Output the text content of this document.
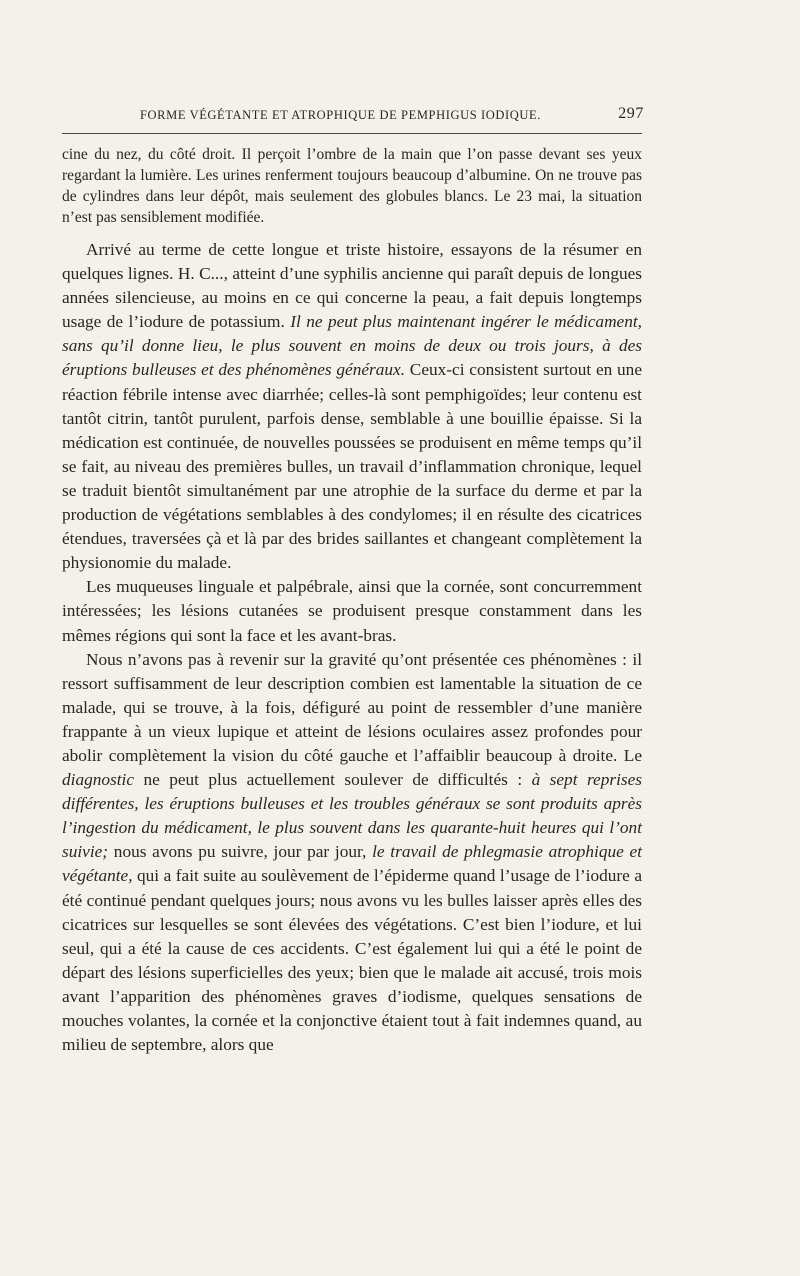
FORME VÉGÉTANTE ET ATROPHIQUE DE PEMPHIGUS IODIQUE.	297

cine du nez, du côté droit. Il perçoit l’ombre de la main que l’on passe devant ses yeux regardant la lumière. Les urines renferment toujours beaucoup d’albumine. On ne trouve pas de cylindres dans leur dépôt, mais seulement des globules blancs. Le 23 mai, la situation n’est pas sensiblement modifiée.

Arrivé au terme de cette longue et triste histoire, essayons de la résumer en quelques lignes. H. C..., atteint d’une syphilis ancienne qui paraît depuis de longues années silencieuse, au moins en ce qui concerne la peau, a fait depuis longtemps usage de l’iodure de potassium. Il ne peut plus maintenant ingérer le médicament, sans qu’il donne lieu, le plus souvent en moins de deux ou trois jours, à des éruptions bulleuses et des phénomènes généraux. Ceux-ci consistent surtout en une réaction fébrile intense avec diarrhée; celles-là sont pemphigoïdes; leur contenu est tantôt citrin, tantôt purulent, parfois dense, semblable à une bouillie épaisse. Si la médication est continuée, de nouvelles poussées se produisent en même temps qu’il se fait, au niveau des premières bulles, un travail d’inflammation chronique, lequel se traduit bientôt simultanément par une atrophie de la surface du derme et par la production de végétations semblables à des condylomes; il en résulte des cicatrices étendues, traversées çà et là par des brides saillantes et changeant complètement la physionomie du malade.

Les muqueuses linguale et palpébrale, ainsi que la cornée, sont concurremment intéressées; les lésions cutanées se produisent presque constamment dans les mêmes régions qui sont la face et les avant-bras.

Nous n’avons pas à revenir sur la gravité qu’ont présentée ces phénomènes : il ressort suffisamment de leur description combien est lamentable la situation de ce malade, qui se trouve, à la fois, défiguré au point de ressembler d’une manière frappante à un vieux lupique et atteint de lésions oculaires assez profondes pour abolir complètement la vision du côté gauche et l’affaiblir beaucoup à droite. Le diagnostic ne peut plus actuellement soulever de difficultés : à sept reprises différentes, les éruptions bulleuses et les troubles généraux se sont produits après l’ingestion du médicament, le plus souvent dans les quarante-huit heures qui l’ont suivie; nous avons pu suivre, jour par jour, le travail de phlegmasie atrophique et végétante, qui a fait suite au soulèvement de l’épiderme quand l’usage de l’iodure a été continué pendant quelques jours; nous avons vu les bulles laisser après elles des cicatrices sur lesquelles se sont élevées des végétations. C’est bien l’iodure, et lui seul, qui a été la cause de ces accidents. C’est également lui qui a été le point de départ des lésions superficielles des yeux; bien que le malade ait accusé, trois mois avant l’apparition des phénomènes graves d’iodisme, quelques sensations de mouches volantes, la cornée et la conjonctive étaient tout à fait indemnes quand, au milieu de septembre, alors que
